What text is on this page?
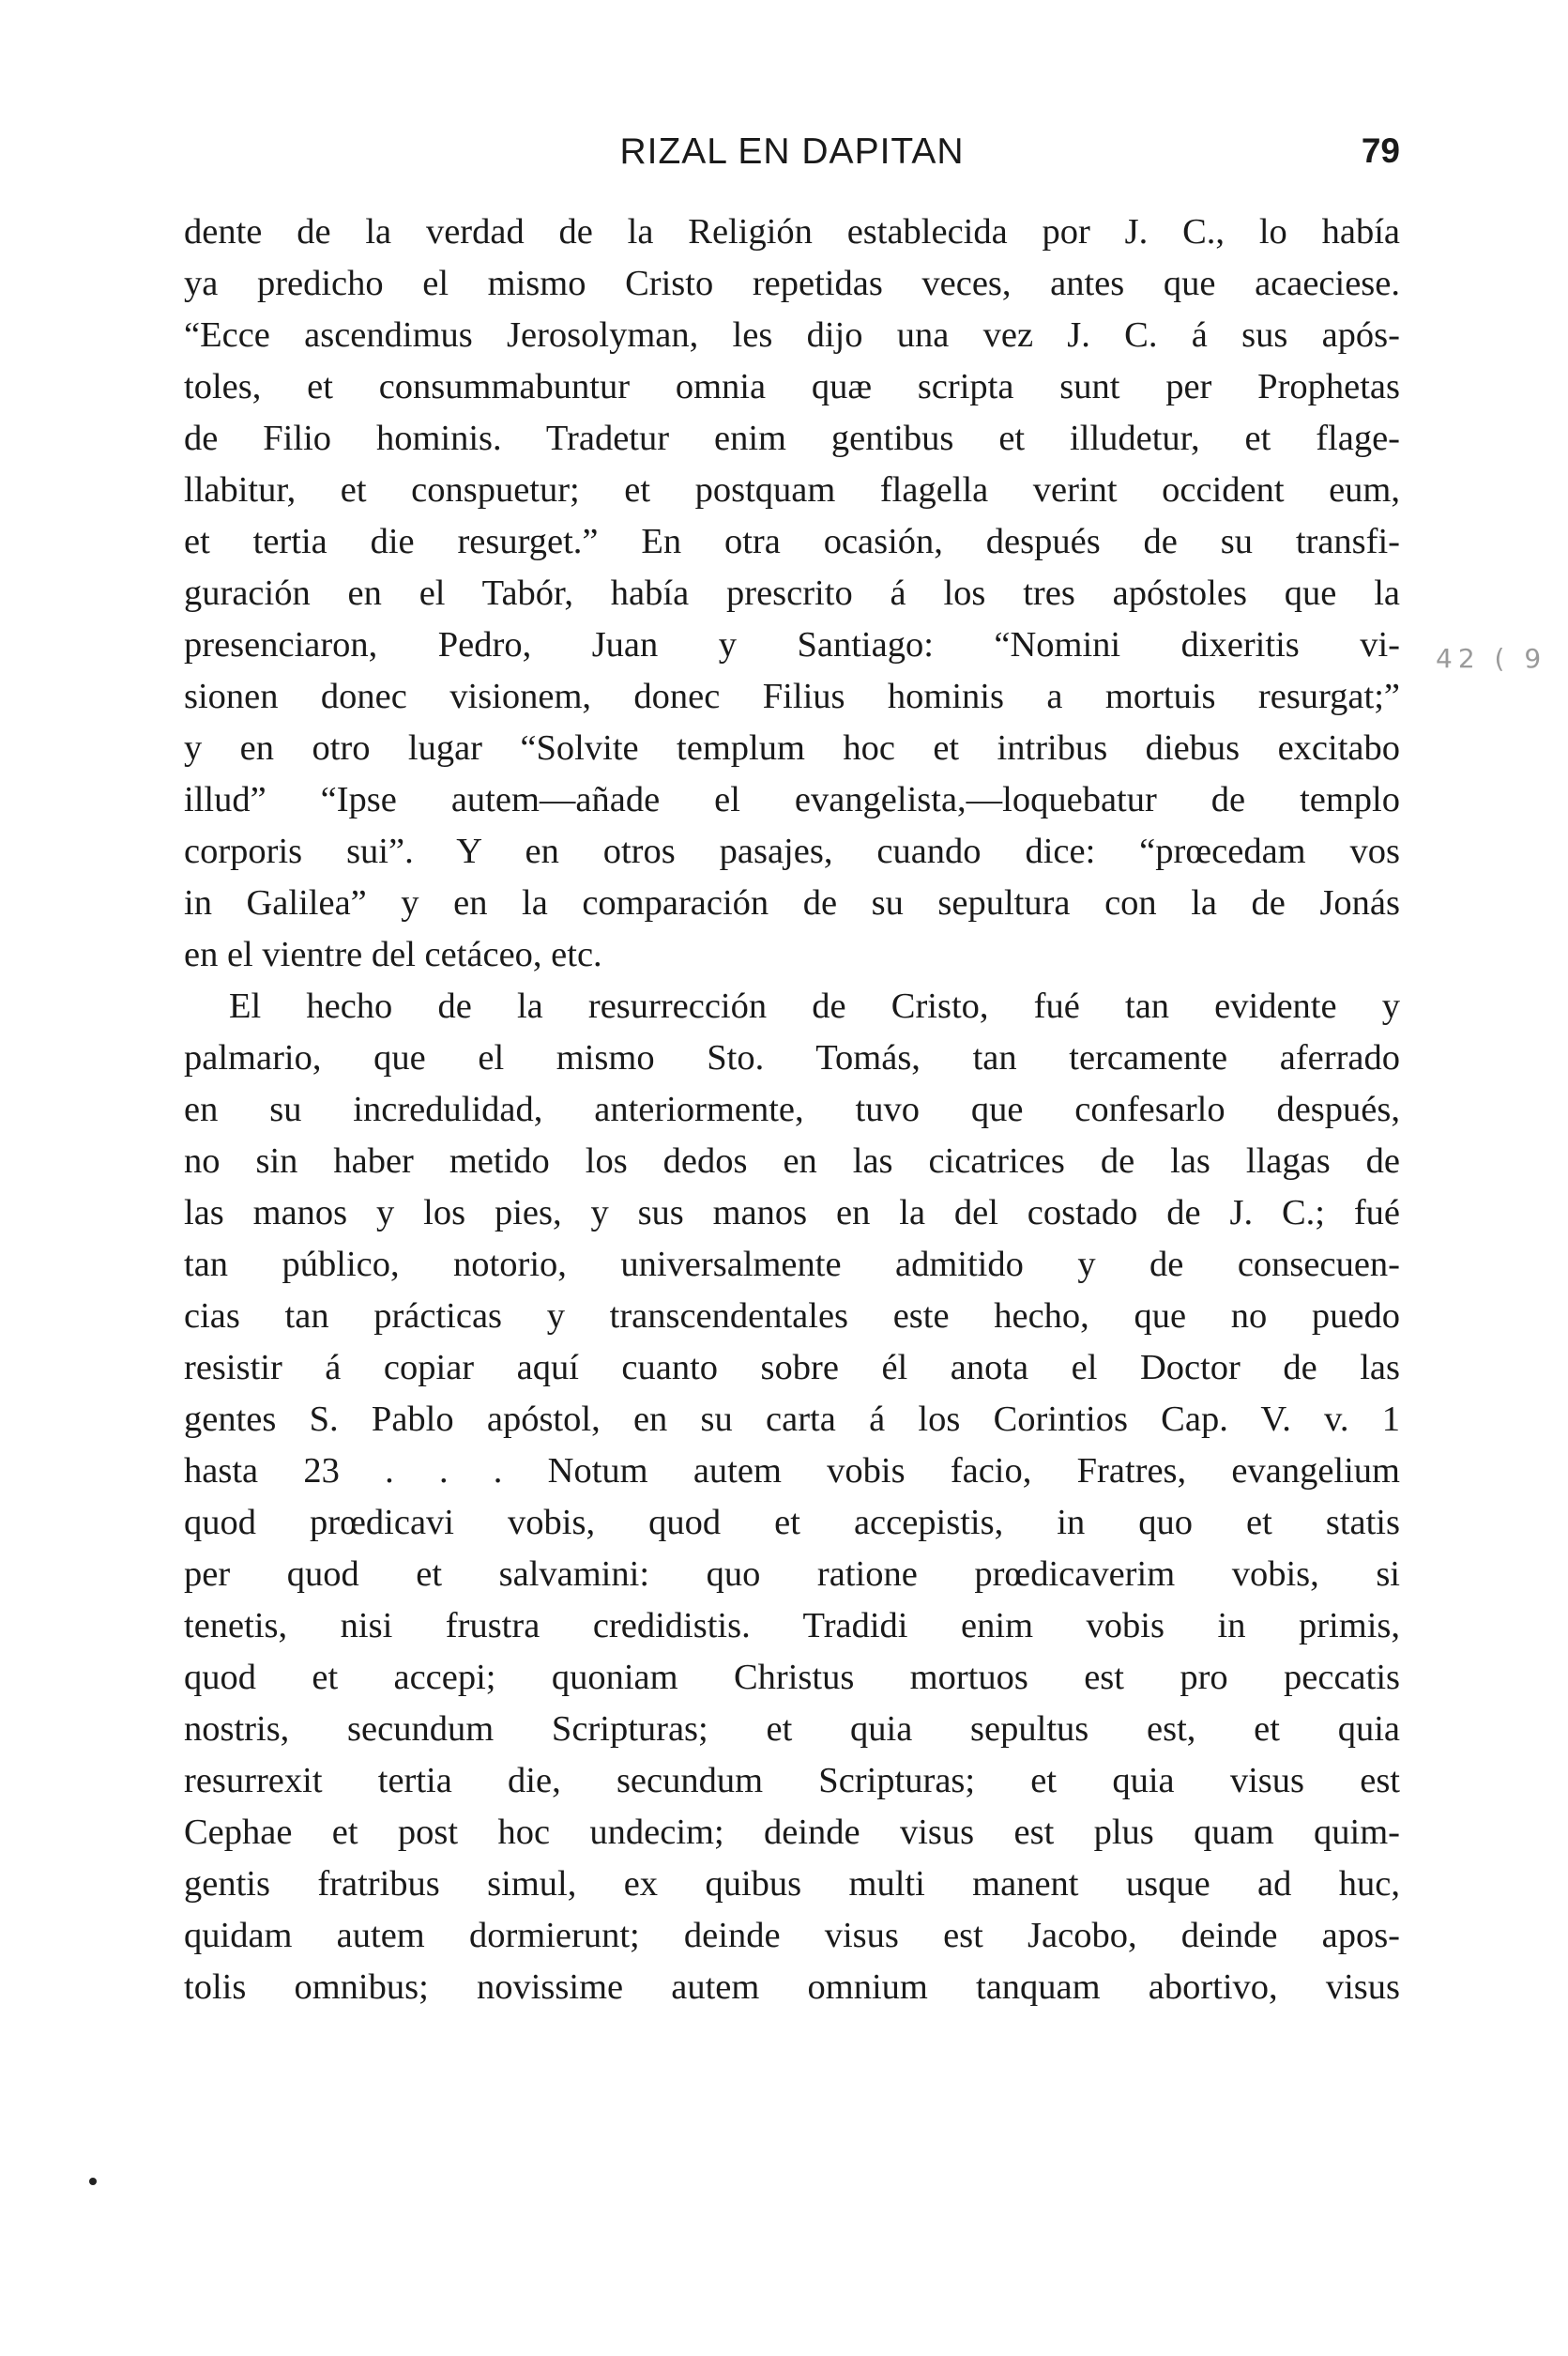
RIZAL EN DAPITAN	79
dente de la verdad de la Religión establecida por J. C., lo había
ya predicho el mismo Cristo repetidas veces, antes que acaeciese.
“Ecce ascendimus Jerosolyman, les dijo una vez J. C. á sus após-
toles, et consummabuntur omnia quæ scripta sunt per Prophetas
de Filio hominis. Tradetur enim gentibus et illudetur, et flage-
llabitur, et conspuetur; et postquam flagella verint occident eum,
et tertia die resurget.” En otra ocasión, después de su transfi-
guración en el Tabór, había prescrito á los tres apóstoles que la
presenciaron, Pedro, Juan y Santiago: “Nomini dixeritis vi-
sionen donec visionem, donec Filius hominis a mortuis resurgat;”
y en otro lugar “Solvite templum hoc et intribus diebus excitabo
illud” “Ipse autem—añade el evangelista,—loquebatur de templo
corporis sui”. Y en otros pasajes, cuando dice: “prœcedam vos
in Galilea” y en la comparación de su sepultura con la de Jonás
en el vientre del cetáceo, etc.
El hecho de la resurrección de Cristo, fué tan evidente y
palmario, que el mismo Sto. Tomás, tan tercamente aferrado
en su incredulidad, anteriormente, tuvo que confesarlo después,
no sin haber metido los dedos en las cicatrices de las llagas de
las manos y los pies, y sus manos en la del costado de J. C.; fué
tan público, notorio, universalmente admitido y de consecuen-
cias tan prácticas y transcendentales este hecho, que no puedo
resistir á copiar aquí cuanto sobre él anota el Doctor de las
gentes S. Pablo apóstol, en su carta á los Corintios Cap. V. v. 1
hasta 23 . . . Notum autem vobis facio, Fratres, evangelium
quod prœdicavi vobis, quod et accepistis, in quo et statis
per quod et salvamini: quo ratione prœdicaverim vobis, si
tenetis, nisi frustra credidistis. Tradidi enim vobis in primis,
quod et accepi; quoniam Christus mortuos est pro peccatis
nostris, secundum Scripturas; et quia sepultus est, et quia
resurrexit tertia die, secundum Scripturas; et quia visus est
Cephae et post hoc undecim; deinde visus est plus quam quim-
gentis fratribus simul, ex quibus multi manent usque ad huc,
quidam autem dormierunt; deinde visus est Jacobo, deinde apos-
tolis omnibus; novissime autem omnium tanquam abortivo, visus
42 ( 9
